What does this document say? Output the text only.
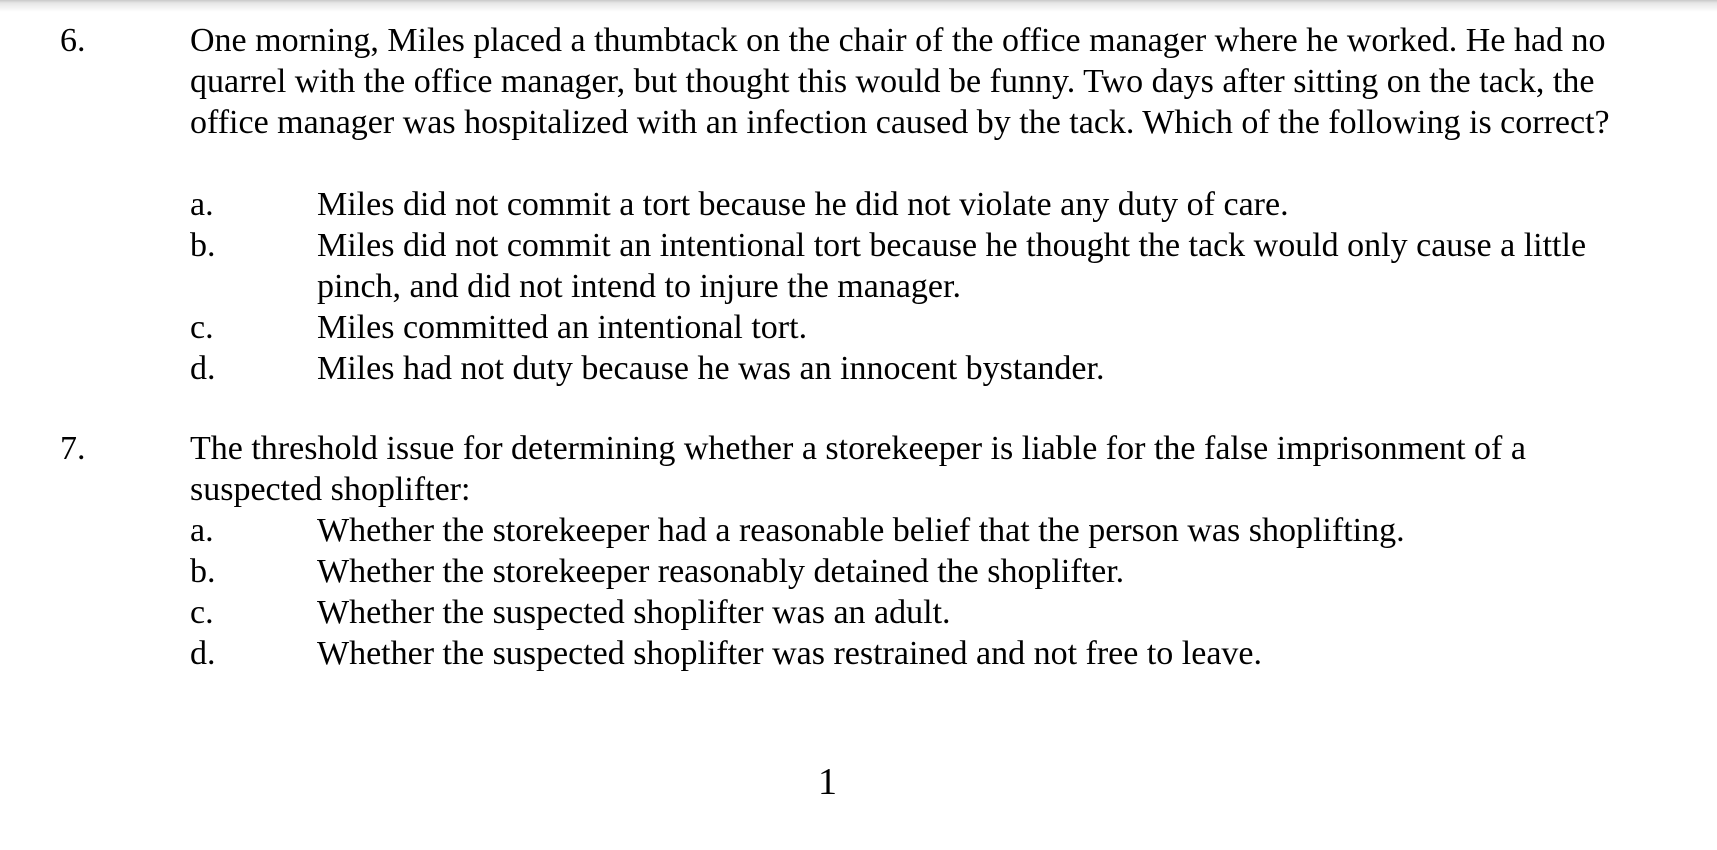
6.	One morning, Miles placed a thumbtack on the chair of the office manager where he worked. He had no quarrel with the office manager, but thought this would be funny. Two days after sitting on the tack, the office manager was hospitalized with an infection caused by the tack. Which of the following is correct?
a.	Miles did not commit a tort because he did not violate any duty of care.
b.	Miles did not commit an intentional tort because he thought the tack would only cause a little pinch, and did not intend to injure the manager.
c.	Miles committed an intentional tort.
d.	Miles had not duty because he was an innocent bystander.
7.	The threshold issue for determining whether a storekeeper is liable for the false imprisonment of a suspected shoplifter:
a.	Whether the storekeeper had a reasonable belief that the person was shoplifting.
b.	Whether the storekeeper reasonably detained the shoplifter.
c.	Whether the suspected shoplifter was an adult.
d.	Whether the suspected shoplifter was restrained and not free to leave.
1
